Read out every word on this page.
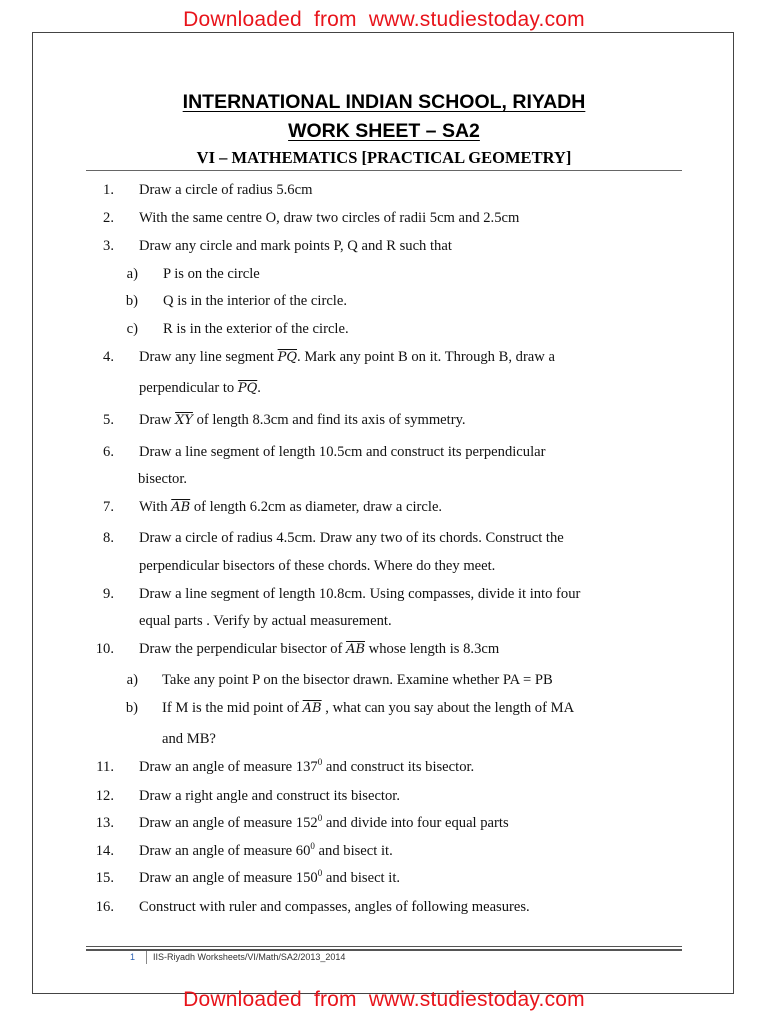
Downloaded  from  www.studiestoday.com
INTERNATIONAL INDIAN SCHOOL, RIYADH
WORK SHEET – SA2
VI – MATHEMATICS [PRACTICAL GEOMETRY]
1. Draw a circle of radius 5.6cm
2. With the same centre O, draw two circles of radii 5cm and 2.5cm
3. Draw any circle and mark points P, Q and R such that
a) P is on the circle
b) Q is in the interior of the circle.
c) R is in the exterior of the circle.
4. Draw any line segment $\overline{PQ}$. Mark any point B on it. Through B, draw a
perpendicular to $\overline{PQ}$.
5. Draw $\overline{XY}$ of length 8.3cm and find its axis of symmetry.
6. Draw a line segment of length 10.5cm and construct its perpendicular
bisector.
7. With $\overline{AB}$ of length 6.2cm as diameter, draw a circle.
8. Draw a circle of radius 4.5cm. Draw any two of its chords. Construct the
perpendicular bisectors of these chords. Where do they meet.
9. Draw a line segment of length 10.8cm. Using compasses, divide it into four
equal parts . Verify by actual measurement.
10. Draw the perpendicular bisector of $\overline{AB}$ whose length is 8.3cm
a) Take any point P on the bisector drawn. Examine whether PA = PB
b) If M is the mid point of $\overline{AB}$ , what can you say about the length of MA
and MB?
11. Draw an angle of measure $137^0$ and construct its bisector.
12. Draw a right angle and construct its bisector.
13. Draw an angle of measure $152^0$ and divide into four equal parts
14. Draw an angle of measure $60^0$ and bisect it.
15. Draw an angle of measure $150^0$ and bisect it.
16. Construct with ruler and compasses, angles of following measures.
1 IIS-Riyadh Worksheets/VI/Math/SA2/2013_2014
Downloaded  from  www.studiestoday.com
